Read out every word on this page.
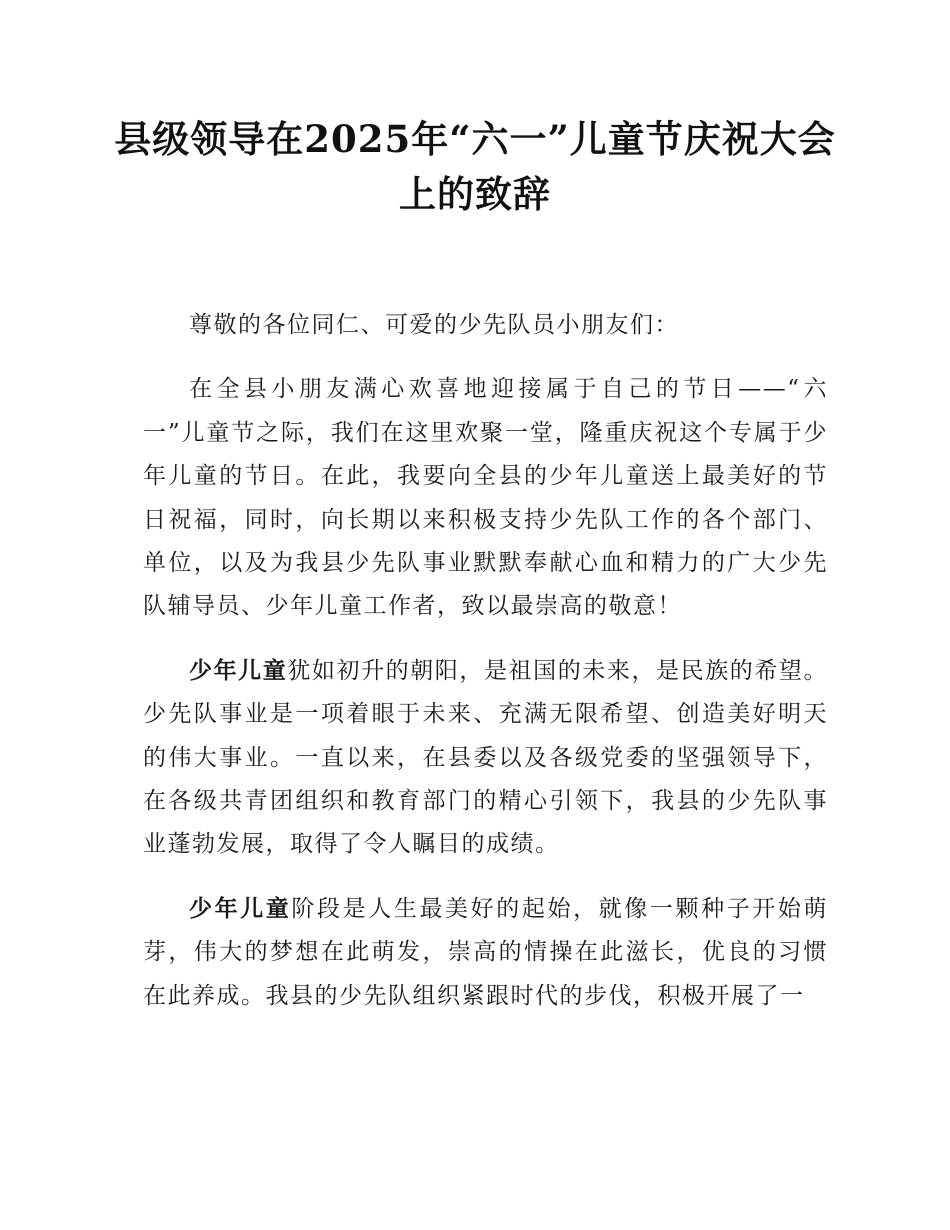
县级领导在2025年“六一”儿童节庆祝大会上的致辞

尊敬的各位同仁、可爱的少先队员小朋友们：

在全县小朋友满心欢喜地迎接属于自己的节日——“六一”儿童节之际，我们在这里欢聚一堂，隆重庆祝这个专属于少年儿童的节日。在此，我要向全县的少年儿童送上最美好的节日祝福，同时，向长期以来积极支持少先队工作的各个部门、单位，以及为我县少先队事业默默奉献心血和精力的广大少先队辅导员、少年儿童工作者，致以最崇高的敬意！

少年儿童犹如初升的朝阳，是祖国的未来，是民族的希望。少先队事业是一项着眼于未来、充满无限希望、创造美好明天的伟大事业。一直以来，在县委以及各级党委的坚强领导下，在各级共青团组织和教育部门的精心引领下，我县的少先队事业蓬勃发展，取得了令人瞩目的成绩。

少年儿童阶段是人生最美好的起始，就像一颗种子开始萌芽，伟大的梦想在此萌发，崇高的情操在此滋长，优良的习惯在此养成。我县的少先队组织紧跟时代的步伐，积极开展了一
